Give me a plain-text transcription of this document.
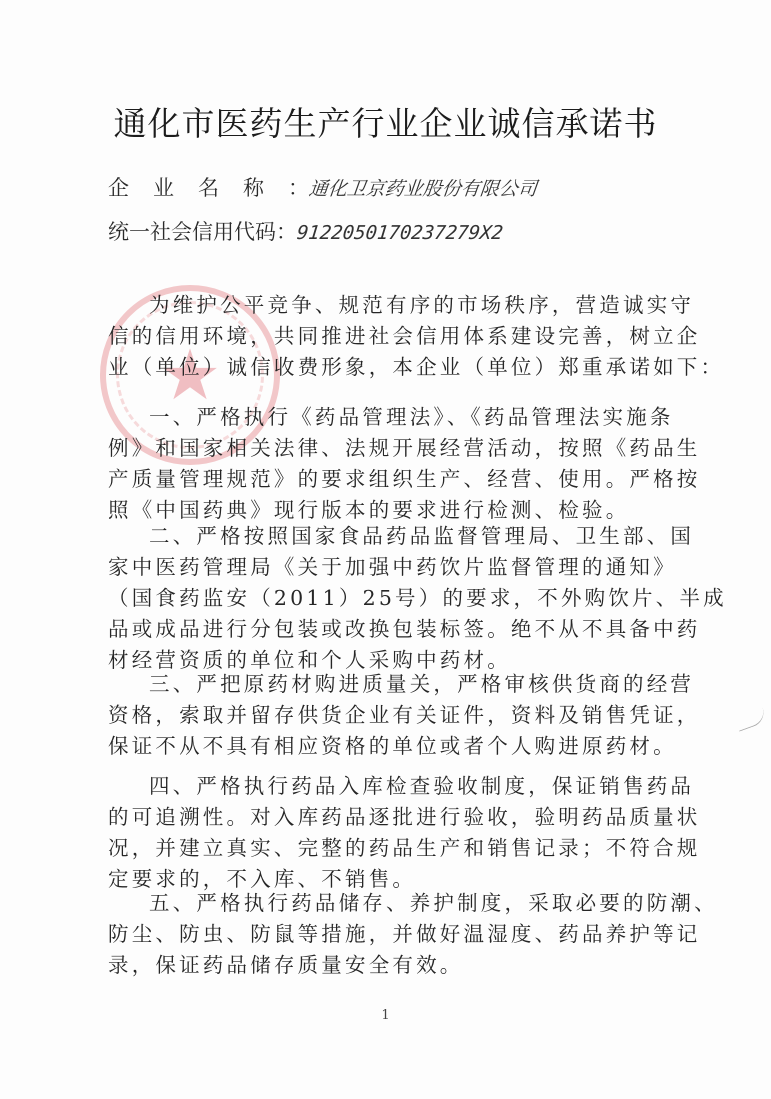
★
通化市医药生产行业企业诚信承诺书
企业名称：通化卫京药业股份有限公司
统一社会信用代码：9122050170237279X2

为维护公平竞争、规范有序的市场秩序，营造诚实守
信的信用环境，共同推进社会信用体系建设完善，树立企
业（单位）诚信收费形象，本企业（单位）郑重承诺如下：

一、严格执行《药品管理法》、《药品管理法实施条
例》和国家相关法律、法规开展经营活动，按照《药品生
产质量管理规范》的要求组织生产、经营、使用。严格按
照《中国药典》现行版本的要求进行检测、检验。

二、严格按照国家食品药品监督管理局、卫生部、国
家中医药管理局《关于加强中药饮片监督管理的通知》
（国食药监安（2011）25号）的要求，不外购饮片、半成
品或成品进行分包装或改换包装标签。绝不从不具备中药
材经营资质的单位和个人采购中药材。

三、严把原药材购进质量关，严格审核供货商的经营
资格，索取并留存供货企业有关证件，资料及销售凭证，
保证不从不具有相应资格的单位或者个人购进原药材。

四、严格执行药品入库检查验收制度，保证销售药品
的可追溯性。对入库药品逐批进行验收，验明药品质量状
况，并建立真实、完整的药品生产和销售记录；不符合规
定要求的，不入库、不销售。

五、严格执行药品储存、养护制度，采取必要的防潮、
防尘、防虫、防鼠等措施，并做好温湿度、药品养护等记
录，保证药品储存质量安全有效。

1
